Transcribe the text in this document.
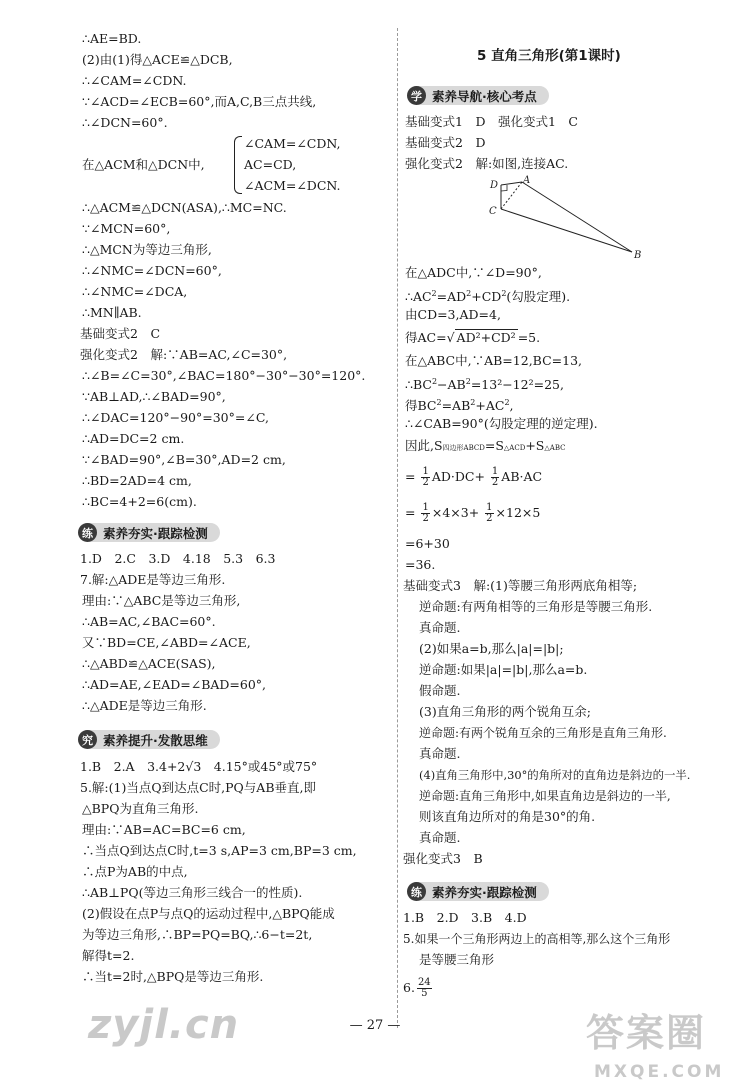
∴AE=BD.
(2)由(1)得△ACE≌△DCB,
∴∠CAM=∠CDN.
∵∠ACD=∠ECB=60°,而A,C,B三点共线,
∴∠DCN=60°.
在△ACM和△DCN中,
∠CAM=∠CDN,
AC=CD,
∠ACM=∠DCN.
∴△ACM≌△DCN(ASA),∴MC=NC.
∵∠MCN=60°,
∴△MCN为等边三角形,
∴∠NMC=∠DCN=60°,
∴∠NMC=∠DCA,
∴MN∥AB.
基础变式2　C
强化变式2　解:∵AB=AC,∠C=30°,
∴∠B=∠C=30°,∠BAC=180°−30°−30°=120°.
∵AB⊥AD,∴∠BAD=90°,
∴∠DAC=120°−90°=30°=∠C,
∴AD=DC=2 cm.
∵∠BAD=90°,∠B=30°,AD=2 cm,
∴BD=2AD=4 cm,
∴BC=4+2=6(cm).
练 素养夯实·跟踪检测
1.D　2.C　3.D　4.18　5.3　6.3
7.解:△ADE是等边三角形.
理由:∵△ABC是等边三角形,
∴AB=AC,∠BAC=60°.
又∵BD=CE,∠ABD=∠ACE,
∴△ABD≌△ACE(SAS),
∴AD=AE,∠EAD=∠BAD=60°,
∴△ADE是等边三角形.
究 素养提升·发散思维
1.B　2.A　3.4+2√3　4.15°或45°或75°
5.解:(1)当点Q到达点C时,PQ与AB垂直,即
△BPQ为直角三角形.
理由:∵AB=AC=BC=6 cm,
∴当点Q到达点C时,t=3 s,AP=3 cm,BP=3 cm,
∴点P为AB的中点,
∴AB⊥PQ(等边三角形三线合一的性质).
(2)假设在点P与点Q的运动过程中,△BPQ能成
为等边三角形,∴BP=PQ=BQ,∴6−t=2t,
解得t=2.
∴当t=2时,△BPQ是等边三角形.
5 直角三角形(第1课时)
学 素养导航·核心考点
基础变式1　D　强化变式1　C
基础变式2　D
强化变式2　解:如图,连接AC.
D A
C
B
在△ADC中,∵∠D=90°,
$\therefore AC^2=AD^2+CD^2$(勾股定理).
由CD=3,AD=4,
得AC=√ AD²+CD² =5.
在△ABC中,∵AB=12,BC=13,
$\therefore BC^2-AB^2=13^2-12^2=25$,
得$BC^2=AB^2+AC^2$,
∴∠CAB=90°(勾股定理的逆定理).
因此,S四边形ABCD=S△ACD+S△ABC
= $\frac{1}{2} AD\cdot DC+ \frac{1}{2} AB\cdot AC$
= $\frac{1}{2} \times 4\times 3+ \frac{1}{2} \times 12\times 5$
=6+30
=36.
基础变式3　解:(1)等腰三角形两底角相等;
逆命题:有两角相等的三角形是等腰三角形.
真命题.
(2)如果a=b,那么|a|=|b|;
逆命题:如果|a|=|b|,那么a=b.
假命题.
(3)直角三角形的两个锐角互余;
逆命题:有两个锐角互余的三角形是直角三角形.
真命题.
(4)直角三角形中,30°的角所对的直角边是斜边的一半.
逆命题:直角三角形中,如果直角边是斜边的一半,
则该直角边所对的角是30°的角.
真命题.
强化变式3　B
练 素养夯实·跟踪检测
1.B　2.D　3.B　4.D
5.如果一个三角形两边上的高相等,那么这个三角形
是等腰三角形
6. $\frac{24}{5}$
— 27 —
zyjl.cn	答案圈
MXQE.COM
